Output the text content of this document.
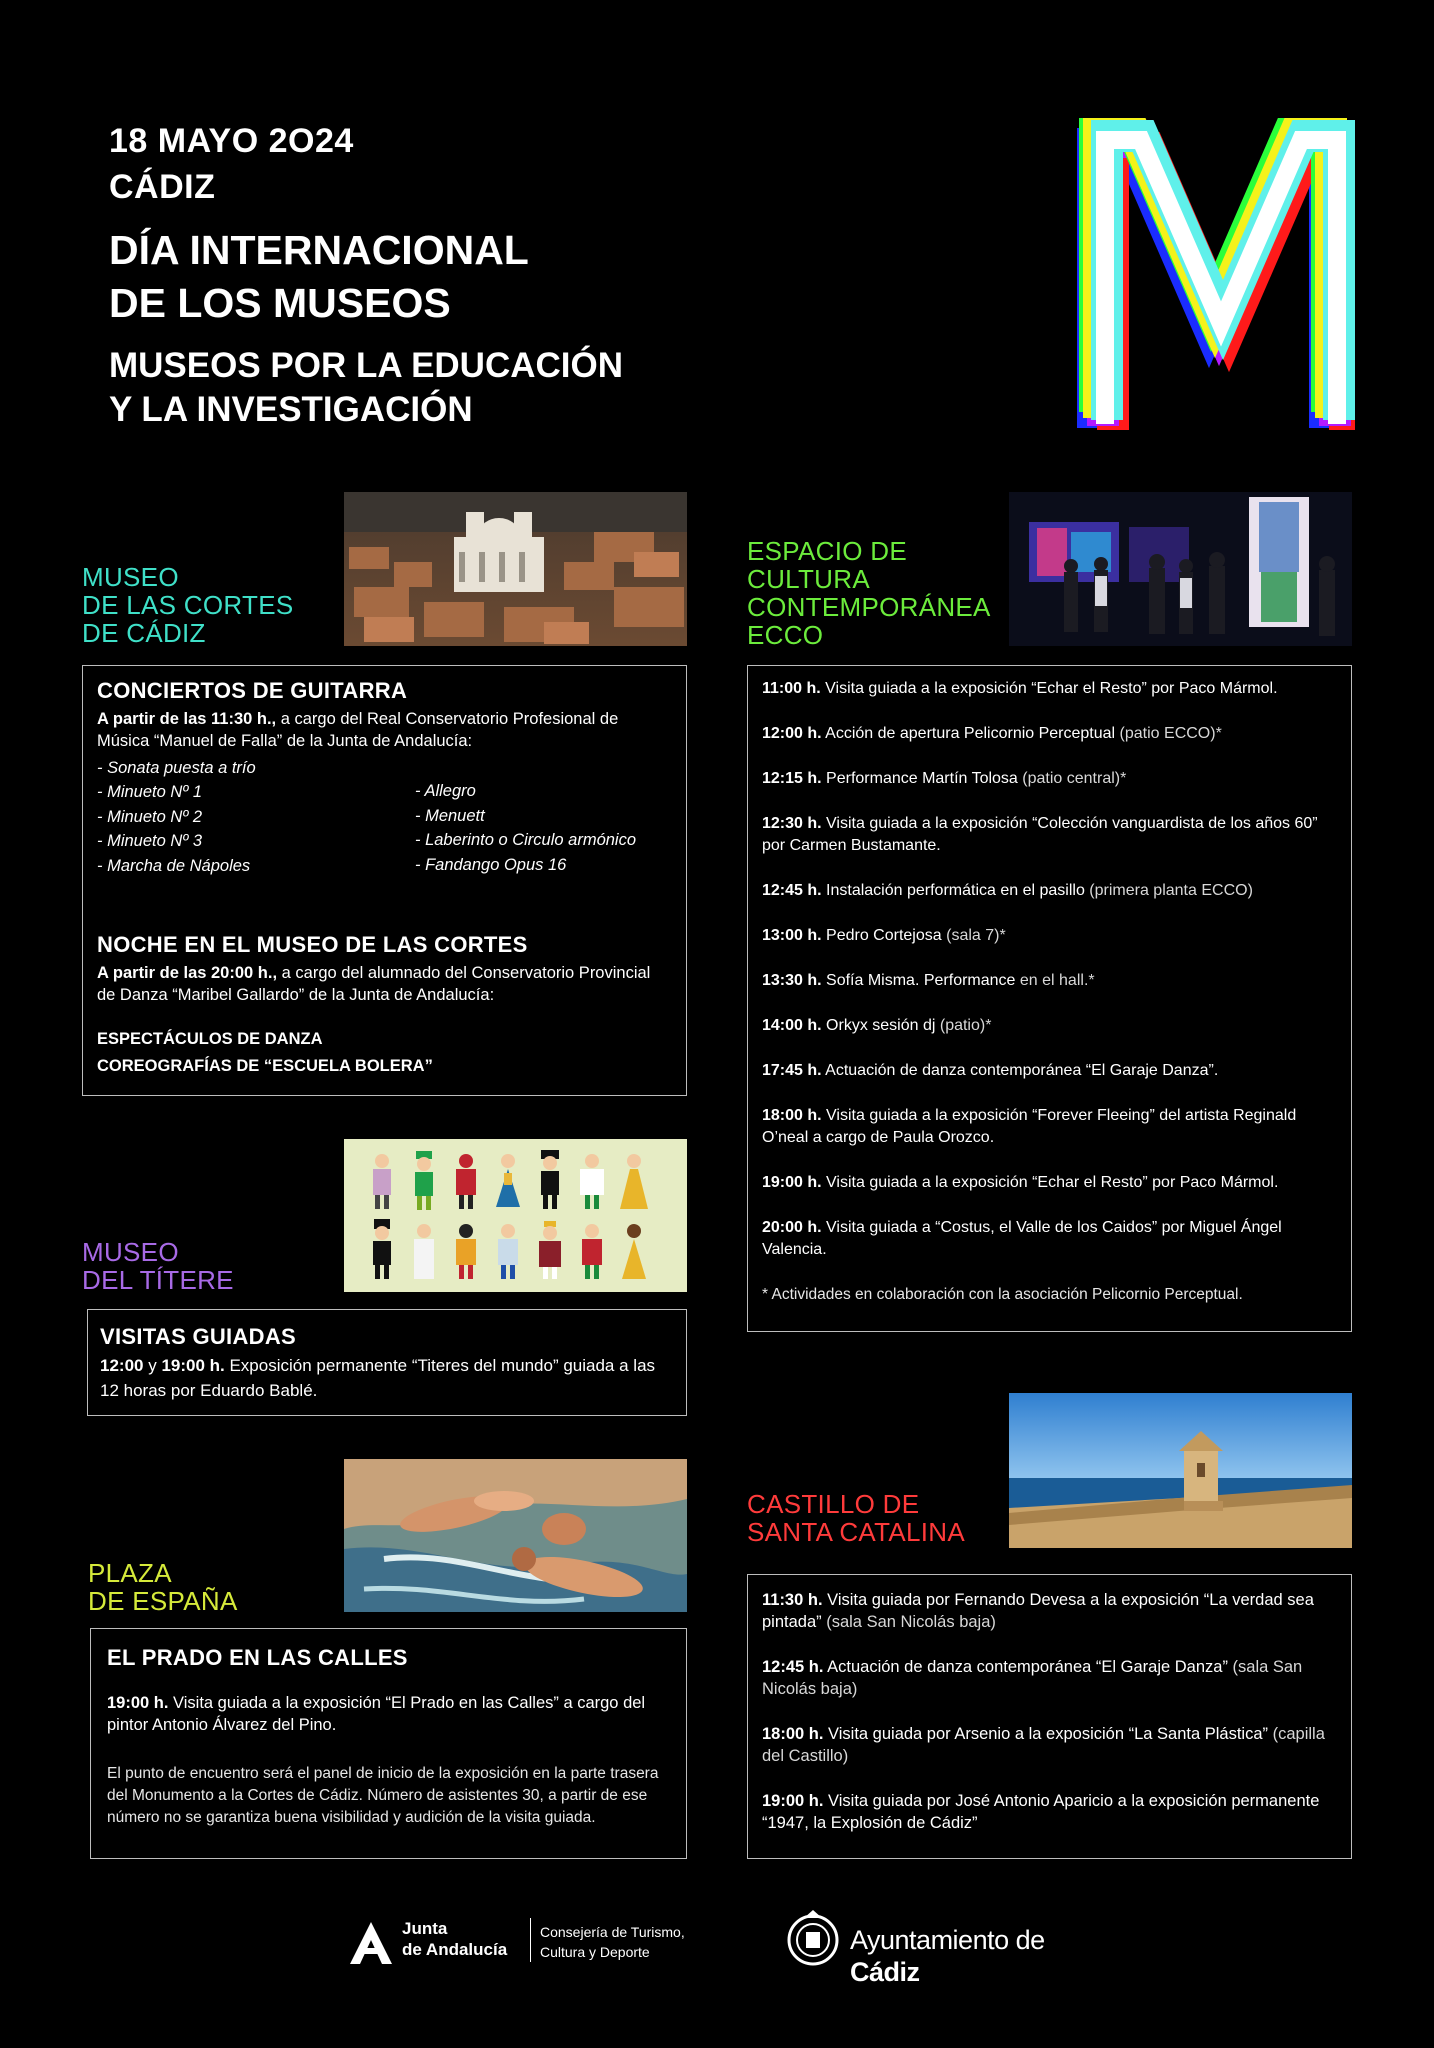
18 MAYO 2O24
CÁDIZ
DÍA INTERNACIONAL
DE LOS MUSEOS
MUSEOS POR LA EDUCACIÓN
Y LA INVESTIGACIÓN
M
MUSEO
DE LAS CORTES
DE CÁDIZ
CONCIERTOS DE GUITARRA
A partir de las 11:30 h., a cargo del Real Conservatorio Profesional de Música “Manuel de Falla” de la Junta de Andalucía:
- Sonata puesta a trío
- Minueto Nº 1
- Minueto Nº 2
- Minueto Nº 3
- Marcha de Nápoles
- Allegro
- Menuett
- Laberinto o Circulo armónico
- Fandango Opus 16
NOCHE EN EL MUSEO DE LAS CORTES
A partir de las 20:00 h., a cargo del alumnado del Conservatorio Provincial de Danza “Maribel Gallardo” de la Junta de Andalucía:
ESPECTÁCULOS DE DANZA
COREOGRAFÍAS DE “ESCUELA BOLERA”
MUSEO
DEL TÍTERE
VISITAS GUIADAS
12:00 y 19:00 h. Exposición permanente “Titeres del mundo” guiada a las 12 horas por Eduardo Bablé.
PLAZA
DE ESPAÑA
EL PRADO EN LAS CALLES
19:00 h. Visita guiada a la exposición “El Prado en las Calles” a cargo del pintor Antonio Álvarez del Pino.
El punto de encuentro será el panel de inicio de la exposición en la parte trasera del Monumento a la Cortes de Cádiz. Número de asistentes 30, a partir de ese número no se garantiza buena visibilidad y audición de la visita guiada.
ESPACIO DE
CULTURA
CONTEMPORÁNEA
ECCO
11:00 h. Visita guiada a la exposición “Echar el Resto” por Paco Mármol.
12:00 h. Acción de apertura Pelicornio Perceptual (patio ECCO)*
12:15 h. Performance Martín Tolosa (patio central)*
12:30 h. Visita guiada a la exposición “Colección vanguardista de los años 60” por Carmen Bustamante.
12:45 h. Instalación performática en el pasillo (primera planta ECCO)
13:00 h. Pedro Cortejosa (sala 7)*
13:30 h. Sofía Misma. Performance en el hall.*
14:00 h. Orkyx sesión dj (patio)*
17:45 h. Actuación de danza contemporánea “El Garaje Danza”.
18:00 h. Visita guiada a la exposición “Forever Fleeing” del artista Reginald O’neal a cargo de Paula Orozco.
19:00 h. Visita guiada a la exposición “Echar el Resto” por Paco Mármol.
20:00 h. Visita guiada a “Costus, el Valle de los Caidos” por Miguel Ángel Valencia.
* Actividades en colaboración con la asociación Pelicornio Perceptual.
CASTILLO DE
SANTA CATALINA
11:30 h. Visita guiada por Fernando Devesa a la exposición “La verdad sea pintada” (sala San Nicolás baja)
12:45 h. Actuación de danza contemporánea “El Garaje Danza” (sala San Nicolás baja)
18:00 h. Visita guiada por Arsenio a la exposición “La Santa Plástica” (capilla del Castillo)
19:00 h. Visita guiada por José Antonio Aparicio a la exposición permanente “1947, la Explosión de Cádiz”
Junta
de Andalucía
Consejería de Turismo,
Cultura y Deporte	Ayuntamiento de Cádiz
